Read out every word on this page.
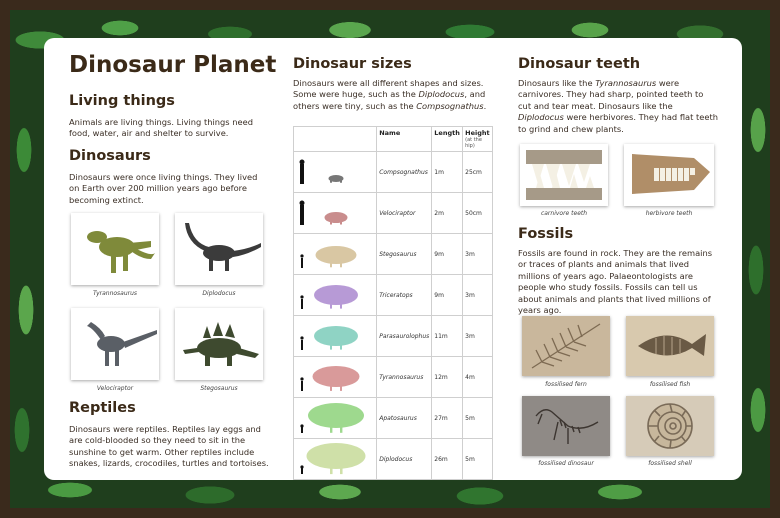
Dinosaur Planet
Living things

Animals are living things. Living things need food, water, air and shelter to survive.

Dinosaurs

Dinosaurs were once living things. They lived on Earth over 200 million years ago before becoming extinct.

Tyrannosaurus	Diplodocus
Velociraptor	Stegosaurus
Reptiles

Dinosaurs were reptiles. Reptiles lay eggs and are cold-blooded so they need to sit in the sunshine to get warm. Other reptiles include snakes, lizards, crocodiles, turtles and tortoises.

Dinosaur sizes

Dinosaurs were all different shapes and sizes. Some were huge, such as the Diplodocus, and others were tiny, such as the Compsognathus.

	Name	Length	Height
(at the hip)

	Compsognathus	1m	25cm
	Velociraptor	2m	50cm
	Stegosaurus	9m	3m
	Triceratops	9m	3m
	Parasaurolophus	11m	3m
	Tyrannosaurus	12m	4m
	Apatosaurus	27m	5m
	Diplodocus	26m	5m
Dinosaur teeth

Dinosaurs like the Tyrannosaurus were carnivores. They had sharp, pointed teeth to cut and tear meat. Dinosaurs like the Diplodocus were herbivores. They had flat teeth to grind and chew plants.

carnivore teeth	herbivore teeth
Fossils

Fossils are found in rock. They are the remains or traces of plants and animals that lived millions of years ago. Palaeontologists are people who study fossils. Fossils can tell us about animals and plants that lived millions of years ago.

fossilised fern	fossilised fish
fossilised dinosaur	fossilised shell
